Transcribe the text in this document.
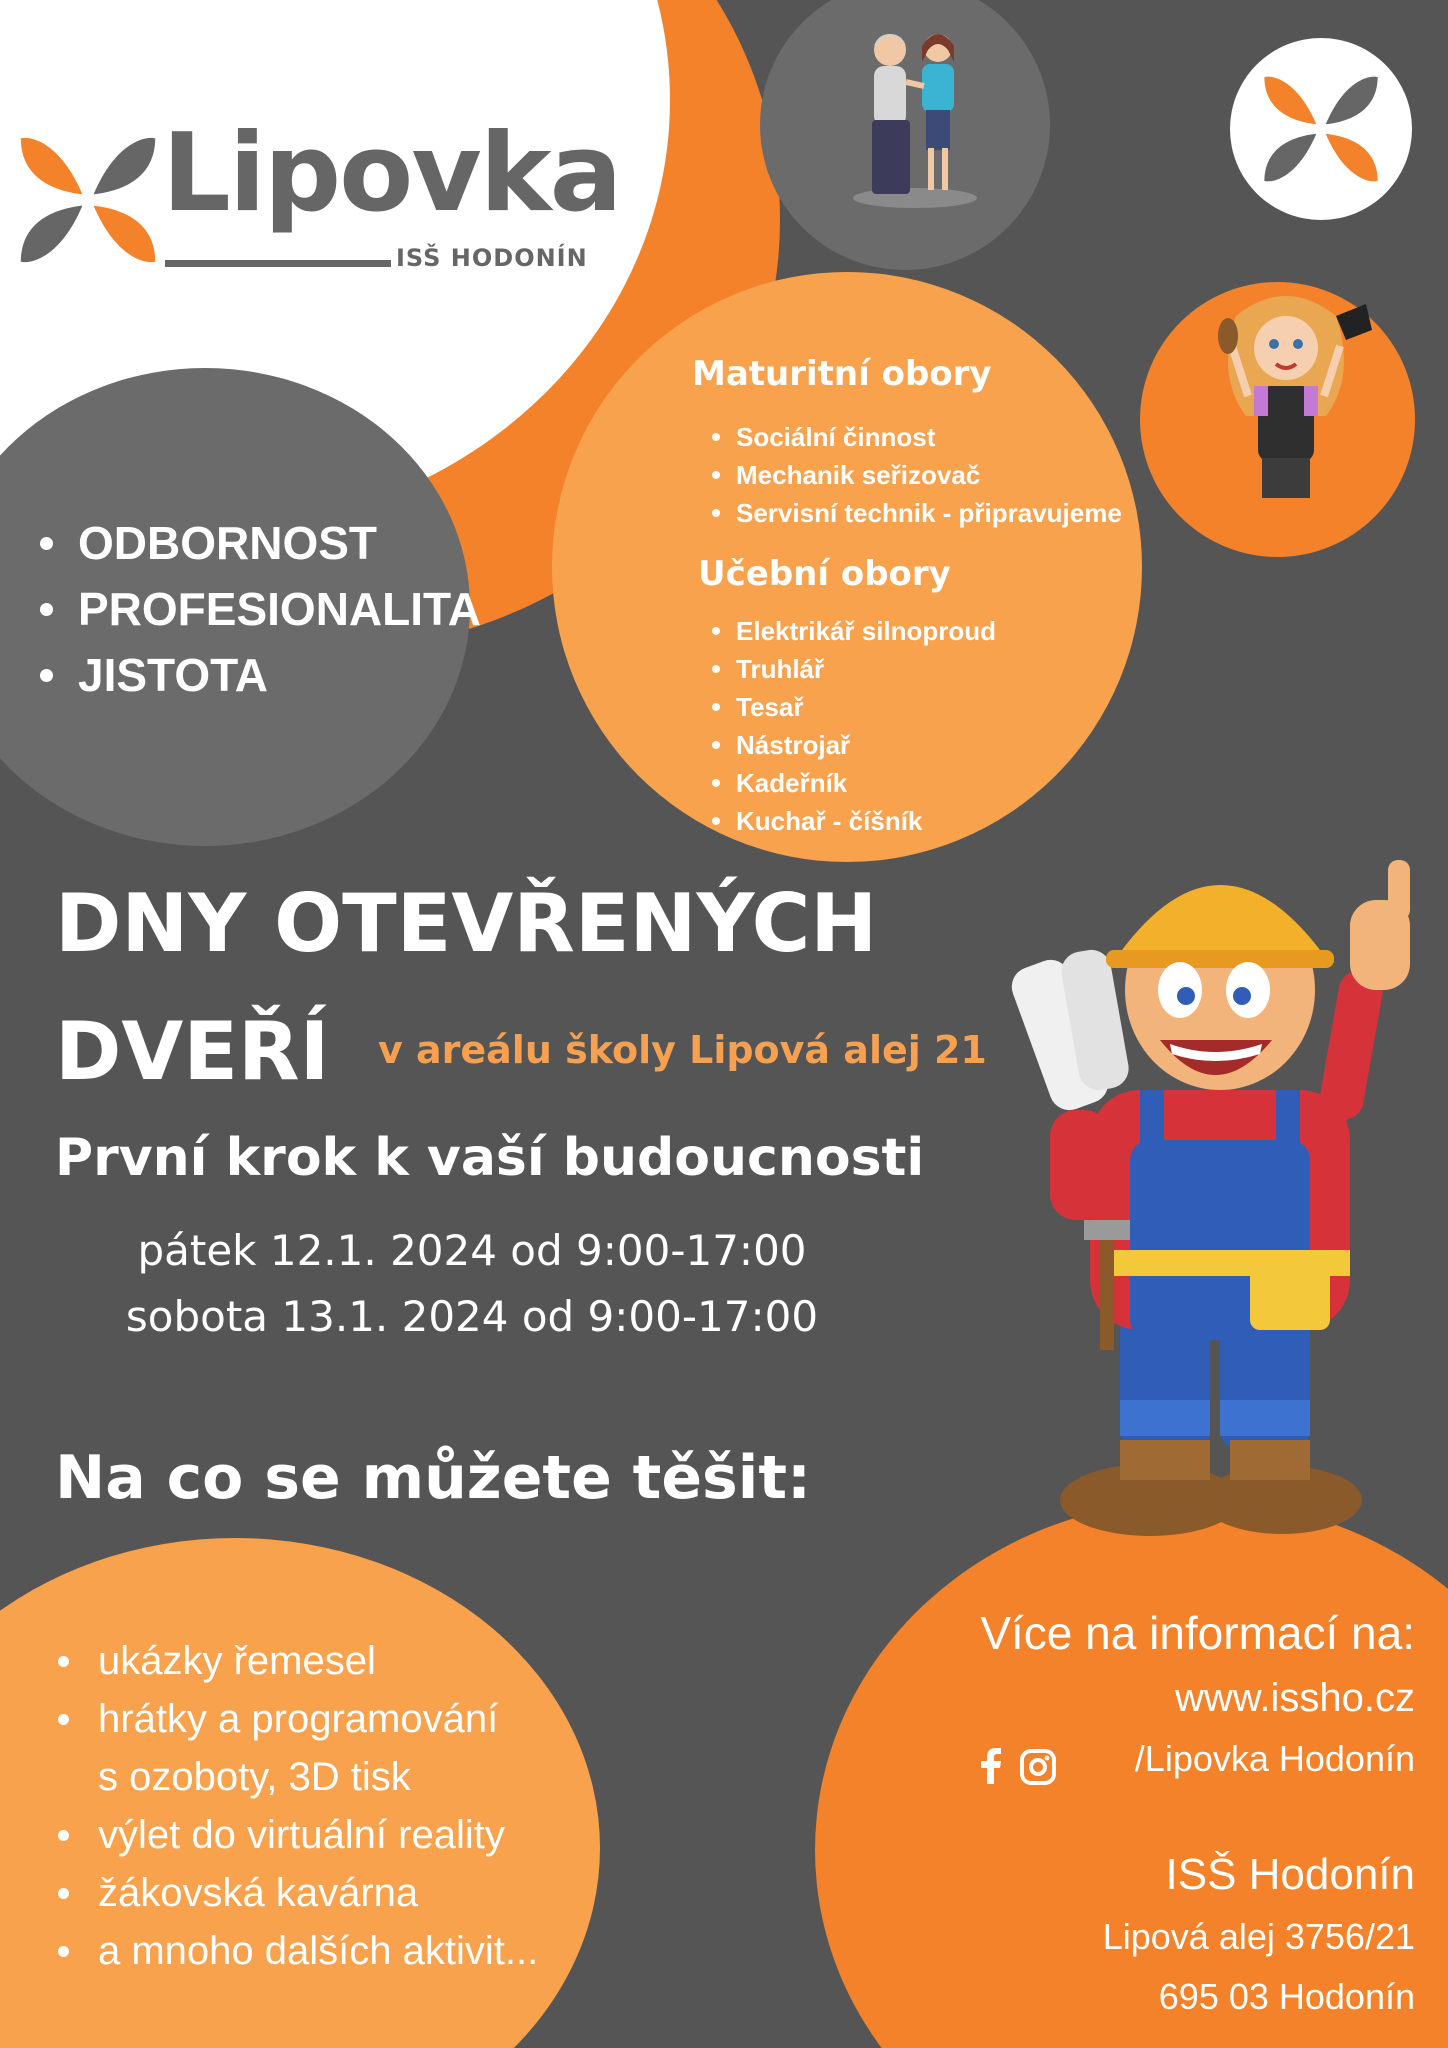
Lipovka
ISŠ HODONÍN
ODBORNOST
PROFESIONALITA
JISTOTA
Maturitní obory
Sociální činnost
Mechanik seřizovač
Servisní technik - připravujeme
Učební obory
Elektrikář silnoproud
Truhlář
Tesař
Nástrojař
Kadeřník
Kuchař - číšník
DNY OTEVŘENÝCH
DVEŘÍ v areálu školy Lipová alej 21
První krok k vaší budoucnosti
pátek 12.1. 2024 od 9:00-17:00
sobota 13.1. 2024 od 9:00-17:00
Na co se můžete těšit:
ukázky řemesel
hrátky a programování
s ozoboty, 3D tisk
výlet do virtuální reality
žákovská kavárna
a mnoho dalších aktivit...
Více na informací na:
www.issho.cz
/Lipovka Hodonín

ISŠ Hodonín
Lipová alej 3756/21
695 03 Hodonín
